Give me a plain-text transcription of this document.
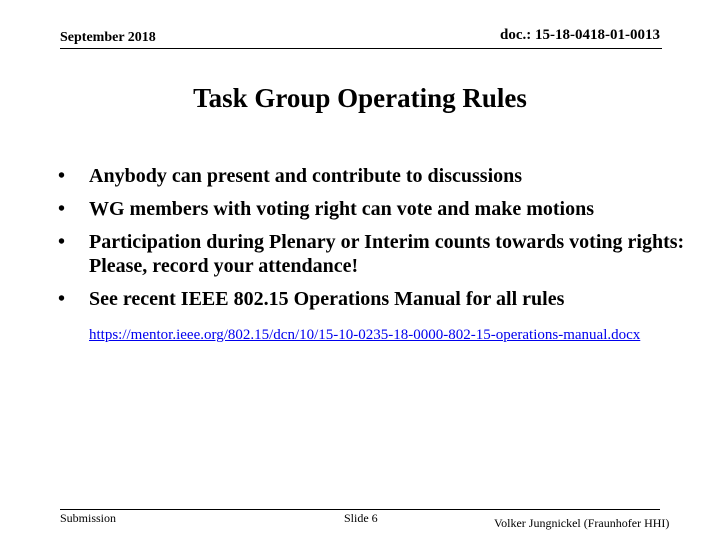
September 2018	doc.: 15-18-0418-01-0013
Task Group Operating Rules
• Anybody can present and contribute to discussions
• WG members with voting right can vote and make motions
• Participation during Plenary or Interim counts towards voting rights: Please, record your attendance!
• See recent IEEE 802.15 Operations Manual for all rules
https://mentor.ieee.org/802.15/dcn/10/15-10-0235-18-0000-802-15-operations-manual.docx
Submission	Slide 6	Volker Jungnickel (Fraunhofer HHI)
